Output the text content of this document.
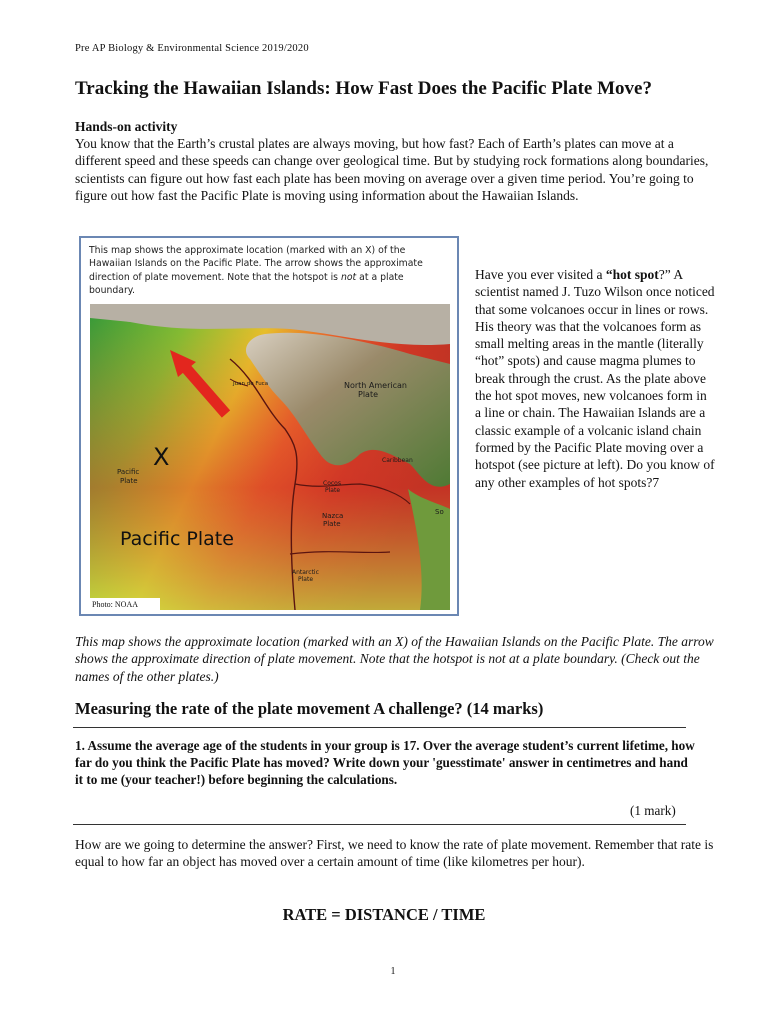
Pre AP Biology & Environmental Science 2019/2020
Tracking the Hawaiian Islands: How Fast Does the Pacific Plate Move?
Hands-on activity

You know that the Earth’s crustal plates are always moving, but how fast? Each of Earth’s plates can move at a different speed and these speeds can change over geological time. But by studying rock formations along boundaries, scientists can figure out how fast each plate has been moving on average over a given time period. You’re going to figure out how fast the Pacific Plate is moving using information about the Hawaiian Islands.

This map shows the approximate location (marked with an X) of the Hawaiian Islands on the Pacific Plate. The arrow shows the approximate direction of plate movement. Note that the hotspot is not at a plate boundary.

North American
Plate
Juan de Fuca
Cocos
Plate
Caribbean
Pacific
Plate
Nazca
Plate
Antarctic
Plate
So
X
Pacific Plate
Photo: NOAA

Have you ever visited a “hot spot?” A scientist named J. Tuzo Wilson once noticed that some volcanoes occur in lines or rows. His theory was that the volcanoes form as small melting areas in the mantle (literally “hot” spots) and cause magma plumes to break through the crust. As the plate above the hot spot moves, new volcanoes form in a line or chain. The Hawaiian Islands are a classic example of a volcanic island chain formed by the Pacific Plate moving over a hotspot (see picture at left). Do you know of any other examples of hot spots?7

This map shows the approximate location (marked with an X) of the Hawaiian Islands on the Pacific Plate. The arrow shows the approximate direction of plate movement. Note that the hotspot is not at a plate boundary. (Check out the names of the other plates.)

Measuring the rate of the plate movement A challenge? (14 marks)

1. Assume the average age of the students in your group is 17. Over the average student’s current lifetime, how far do you think the Pacific Plate has moved? Write down your 'guesstimate' answer in centimetres and hand it to me (your teacher!) before beginning the calculations.

(1 mark)

How are we going to determine the answer? First, we need to know the rate of plate movement. Remember that rate is equal to how far an object has moved over a certain amount of time (like kilometres per hour).

RATE = DISTANCE / TIME
1
